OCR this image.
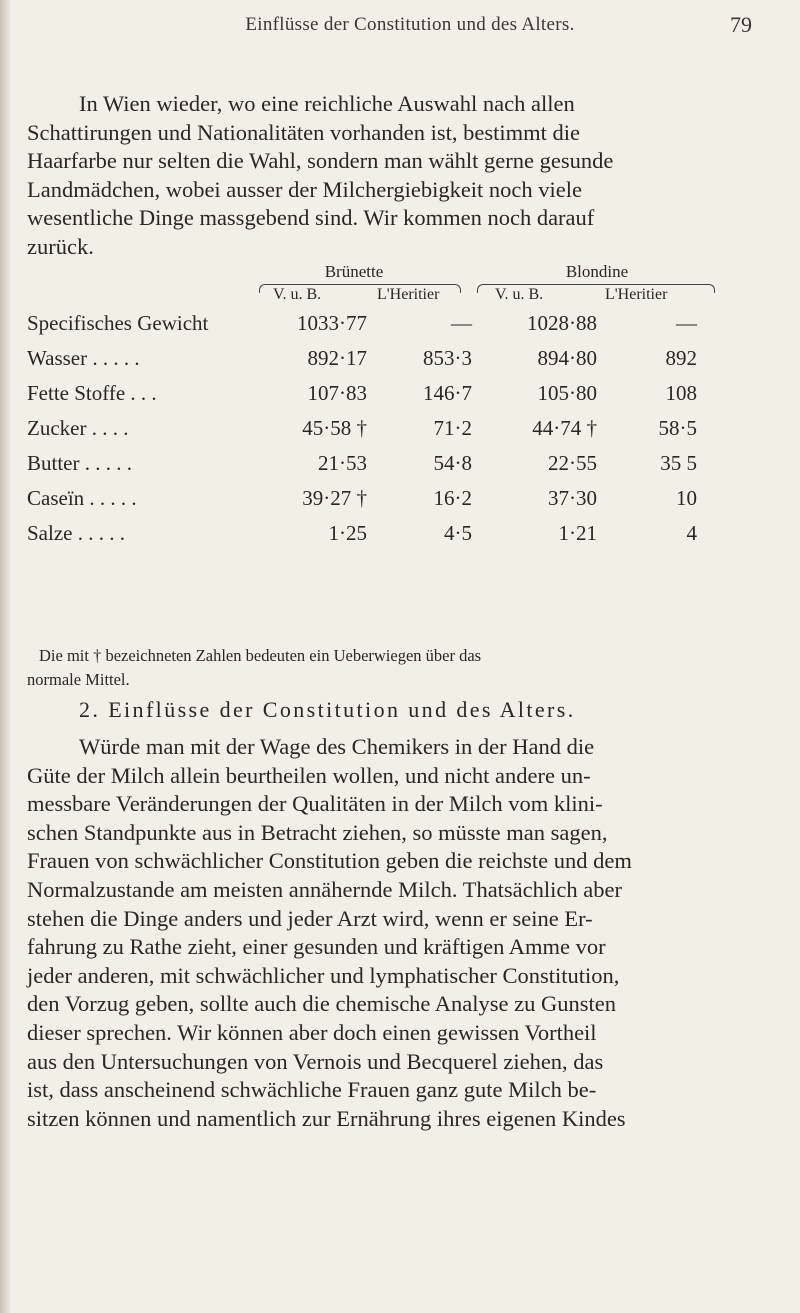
Einflüsse der Constitution und des Alters.	79
In Wien wieder, wo eine reichliche Auswahl nach allen
Schattirungen und Nationalitäten vorhanden ist, bestimmt die
Haarfarbe nur selten die Wahl, sondern man wählt gerne gesunde
Landmädchen, wobei ausser der Milchergiebigkeit noch viele
wesentliche Dinge massgebend sind. Wir kommen noch darauf
zurück.
Brünette	Blondine
V. u. B.	L'Heritier	V. u. B.	L'Heritier
Specifisches Gewicht	1033·77	—	1028·88	—
Wasser . . . . .	892·17	853·3	894·80	892
Fette Stoffe . . .	107·83	146·7	105·80	108
Zucker . . . .	45·58 †	71·2	44·74 †	58·5
Butter . . . . .	21·53	54·8	22·55	35 5
Caseïn . . . . .	39·27 †	16·2	37·30	10
Salze . . . . .	1·25	4·5	1·21	4
Die mit † bezeichneten Zahlen bedeuten ein Ueberwiegen über das
normale Mittel.
2. Einflüsse der Constitution und des Alters.
Würde man mit der Wage des Chemikers in der Hand die
Güte der Milch allein beurtheilen wollen, und nicht andere un-
messbare Veränderungen der Qualitäten in der Milch vom klini-
schen Standpunkte aus in Betracht ziehen, so müsste man sagen,
Frauen von schwächlicher Constitution geben die reichste und dem
Normalzustande am meisten annähernde Milch. Thatsächlich aber
stehen die Dinge anders und jeder Arzt wird, wenn er seine Er-
fahrung zu Rathe zieht, einer gesunden und kräftigen Amme vor
jeder anderen, mit schwächlicher und lymphatischer Constitution,
den Vorzug geben, sollte auch die chemische Analyse zu Gunsten
dieser sprechen. Wir können aber doch einen gewissen Vortheil
aus den Untersuchungen von Vernois und Becquerel ziehen, das
ist, dass anscheinend schwächliche Frauen ganz gute Milch be-
sitzen können und namentlich zur Ernährung ihres eigenen Kindes
